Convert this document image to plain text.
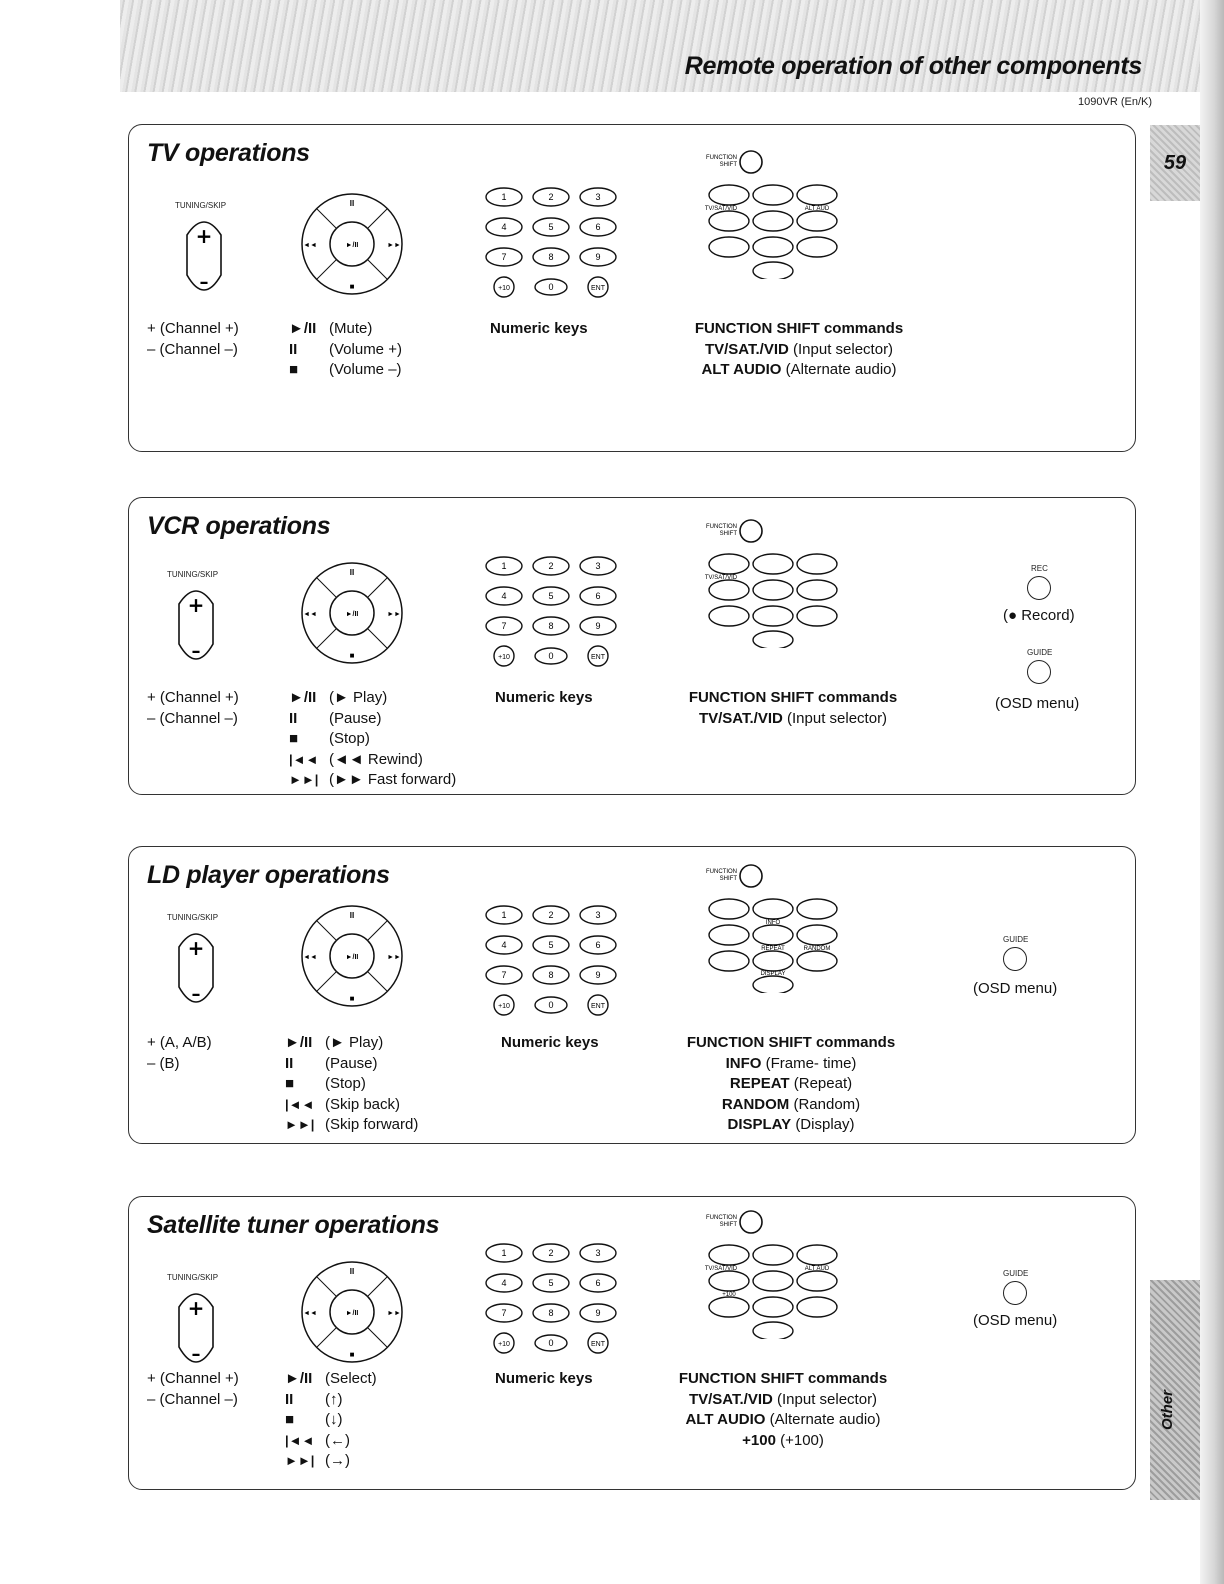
Remote operation of other components
1090VR (En/K)
59
Other
TV operations
TUNING/SKIP
+
–
II
■
◄◄	►►
►/II
1	2	3
4	5	6
7	8	9
+10	0	ENT
FUNCTION
SHIFT
TV/SAT/VID	ALT AUD
+ (Channel +)
– (Channel –)
►/II (Mute)
II (Volume +)
■ (Volume –)
Numeric keys	FUNCTION SHIFT commands
TV/SAT./VID (Input selector)
ALT AUDIO (Alternate audio)
VCR operations
TUNING/SKIP
+
–
II
■
◄◄	►►
►/II
1	2	3
4	5	6
7	8	9
+10	0	ENT
FUNCTION
SHIFT
TV/SAT/VID
REC
(● Record)
GUIDE
(OSD menu)
+ (Channel +)
– (Channel –)
►/II (► Play)
II (Pause)
■ (Stop)
|◄◄ (◄◄ Rewind)
►►| (►► Fast forward)
Numeric keys	FUNCTION SHIFT commands
TV/SAT./VID (Input selector)
LD player operations
TUNING/SKIP
+
–
II
■
◄◄	►►
►/II
1	2	3
4	5	6
7	8	9
+10	0	ENT
FUNCTION
SHIFT
INFO
REPEAT	RANDOM
DISPLAY
GUIDE
(OSD menu)
+ (A, A/B)
– (B)
►/II (► Play)
II (Pause)
■ (Stop)
|◄◄ (Skip back)
►►| (Skip forward)
Numeric keys	FUNCTION SHIFT commands
INFO (Frame- time)
REPEAT (Repeat)
RANDOM (Random)
DISPLAY (Display)
Satellite tuner operations
TUNING/SKIP
+
–
II
■
◄◄	►►
►/II
1	2	3
4	5	6
7	8	9
+10	0	ENT
FUNCTION
SHIFT
TV/SAT/VID	ALT AUD
+100
GUIDE
(OSD menu)
+ (Channel +)
– (Channel –)
►/II (Select)
II (↑)
■ (↓)
|◄◄ (←)
►►| (→)
Numeric keys	FUNCTION SHIFT commands
TV/SAT./VID (Input selector)
ALT AUDIO (Alternate audio)
+100 (+100)
